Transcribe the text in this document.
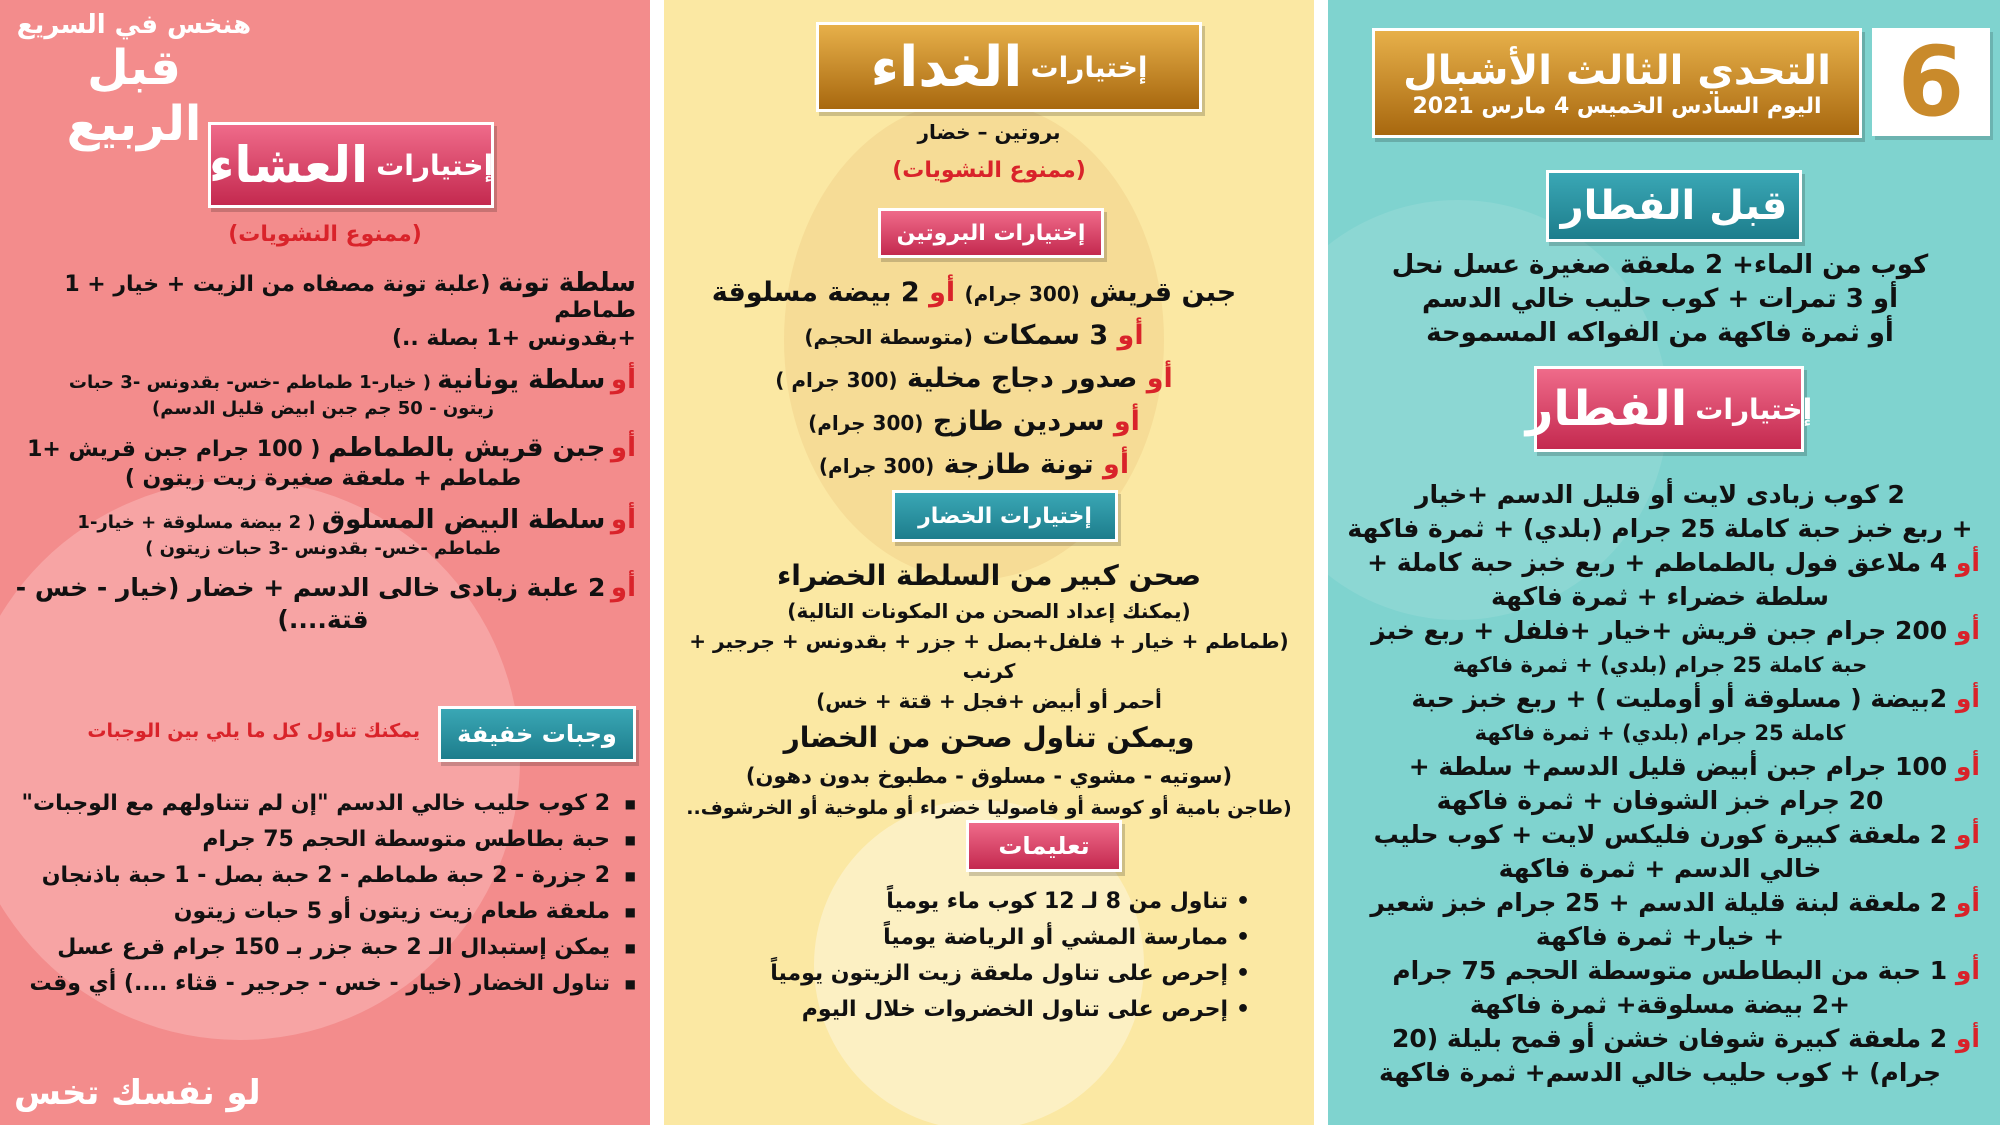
6
التحدي الثالث الأشبال
اليوم السادس الخميس 4 مارس 2021
قبل الفطار
كوب من الماء+ 2 ملعقة صغيرة عسل نحل
أو 3 تمرات + كوب حليب خالي الدسم
أو ثمرة فاكهة من الفواكه المسموحة
إختيارات
الفطار
2 كوب زبادى لايت أو قليل الدسم +خيار
+ ربع خبز حبة كاملة 25 جرام (بلدي) + ثمرة فاكهة
أو 4 ملاعق فول بالطماطم + ربع خبز حبة كاملة +
سلطة خضراء + ثمرة فاكهة
أو 200 جرام جبن قريش +خيار +فلفل + ربع خبز
حبة كاملة 25 جرام (بلدي) + ثمرة فاكهة
أو 2بيضة ( مسلوقة أو أومليت ) + ربع خبز حبة
كاملة 25 جرام (بلدي) + ثمرة فاكهة
أو 100 جرام جبن أبيض قليل الدسم+ سلطة +
20 جرام خبز الشوفان + ثمرة فاكهة
أو 2 ملعقة كبيرة كورن فليكس لايت + كوب حليب
خالي الدسم + ثمرة فاكهة
أو 2 ملعقة لبنة قليلة الدسم + 25 جرام خبز شعير
+ خيار+ ثمرة فاكهة
أو 1 حبة من البطاطس متوسطة الحجم 75 جرام
+2 بيضة مسلوقة+ ثمرة فاكهة
أو 2 ملعقة كبيرة شوفان خشن أو قمح بليلة (20
جرام) + كوب حليب خالي الدسم+ ثمرة فاكهة
إختيارات
الغداء
بروتين – خضار
(ممنوع النشويات)
إختيارات البروتين
جبن قريش (300 جرام) أو 2 بيضة مسلوقة
أو 3 سمكات (متوسطة الحجم)
أو صدور دجاج مخلية (300 جرام )
أو سردين طازج (300 جرام)
أو تونة طازجة (300 جرام)
إختيارات الخضار
صحن كبير من السلطة الخضراء
(يمكنك إعداد الصحن من المكونات التالية)
(طماطم + خيار + فلفل+بصل + جزر + بقدونس + جرجير + كرنب
أحمر أو أبيض +فجل + قتة + خس)
ويمكن تناول صحن من الخضار
(سوتيه - مشوي - مسلوق - مطبوخ بدون دهون)
(طاجن بامية أو كوسة أو فاصوليا خضراء أو ملوخية أو الخرشوف..
تعليمات
• تناول من 8 لـ 12 كوب ماء يومياً
• ممارسة المشي أو الرياضة يومياً
• إحرص على تناول ملعقة زيت الزيتون يومياً
• إحرص على تناول الخضروات خلال اليوم
هنخس في السريع
قبل الربيع
إختيارات
العشاء
(ممنوع النشويات)
سلطة تونة (علبة تونة مصفاه من الزيت + خيار + 1 طماطم
+بقدونس +1 بصلة ..)
أو سلطة يونانية ( خيار-1 طماطم -خس- بقدونس -3 حبات
زيتون - 50 جم جبن ابيض قليل الدسم)
أو جبن قريش بالطماطم ( 100 جرام جبن قريش +1
طماطم + ملعقة صغيرة زيت زيتون )
أو سلطة البيض المسلوق ( 2 بيضة مسلوقة + خيار-1
طماطم -خس- بقدونس -3 حبات زيتون )
أو 2 علبة زبادى خالى الدسم + خضار (خيار - خس -
قتة....)
وجبات خفيفة
يمكنك تناول كل ما يلي بين الوجبات
■ 2 كوب حليب خالي الدسم "إن لم تتناولهم مع الوجبات"
■ حبة بطاطس متوسطة الحجم 75 جرام
■ 2 جزرة - 2 حبة طماطم - 2 حبة بصل - 1 حبة باذنجان
■ ملعقة طعام زيت زيتون أو 5 حبات زيتون
■ يمكن إستبدال الـ 2 حبة جزر بـ 150 جرام قرع عسل
■ تناول الخضار (خيار - خس - جرجير - قثاء ....) أي وقت
لو نفسك تخس
